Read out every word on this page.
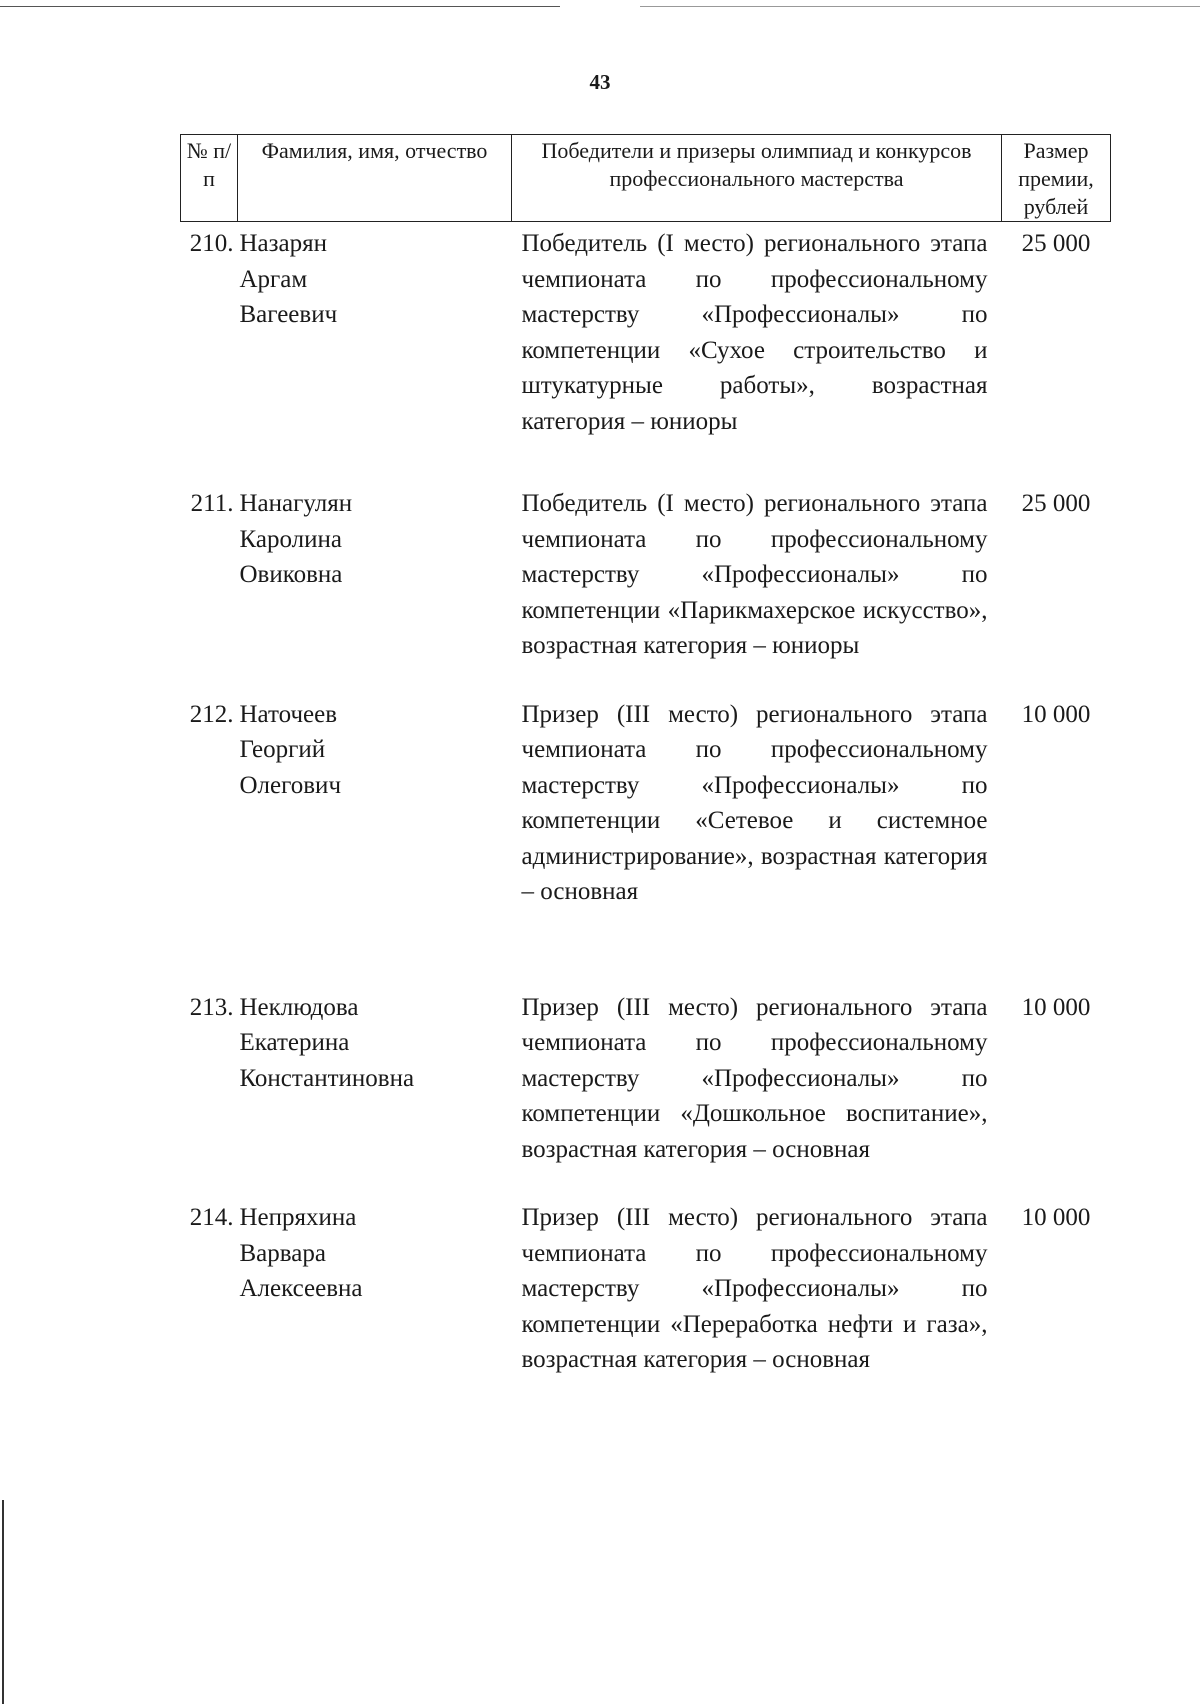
43
№ п/п	Фамилия, имя, отчество	Победители и призеры олимпиад и конкурсов профессионального мастерства	Размер премии, рублей
210.	Назарян
Аргам
Вагеевич	Победитель (I место) регионального этапа чемпионата по профессиональному мастерству «Профессионалы» по компетенции «Сухое строительство и штукатурные работы», возрастная категория – юниоры	25 000
211.	Нанагулян
Каролина
Овиковна	Победитель (I место) регионального этапа чемпионата по профессиональному мастерству «Профессионалы» по компетенции «Парикмахерское искусство», возрастная категория – юниоры	25 000
212.	Наточеев
Георгий
Олегович	Призер (III место) регионального этапа чемпионата по профессиональному мастерству «Профессионалы» по компетенции «Сетевое и системное администрирование», возрастная категория – основная	10 000
213.	Неклюдова
Екатерина
Константиновна	Призер (III место) регионального этапа чемпионата по профессиональному мастерству «Профессионалы» по компетенции «Дошкольное воспитание», возрастная категория – основная	10 000
214.	Непряхина
Варвара
Алексеевна	Призер (III место) регионального этапа чемпионата по профессиональному мастерству «Профессионалы» по компетенции «Переработка нефти и газа», возрастная категория – основная	10 000
